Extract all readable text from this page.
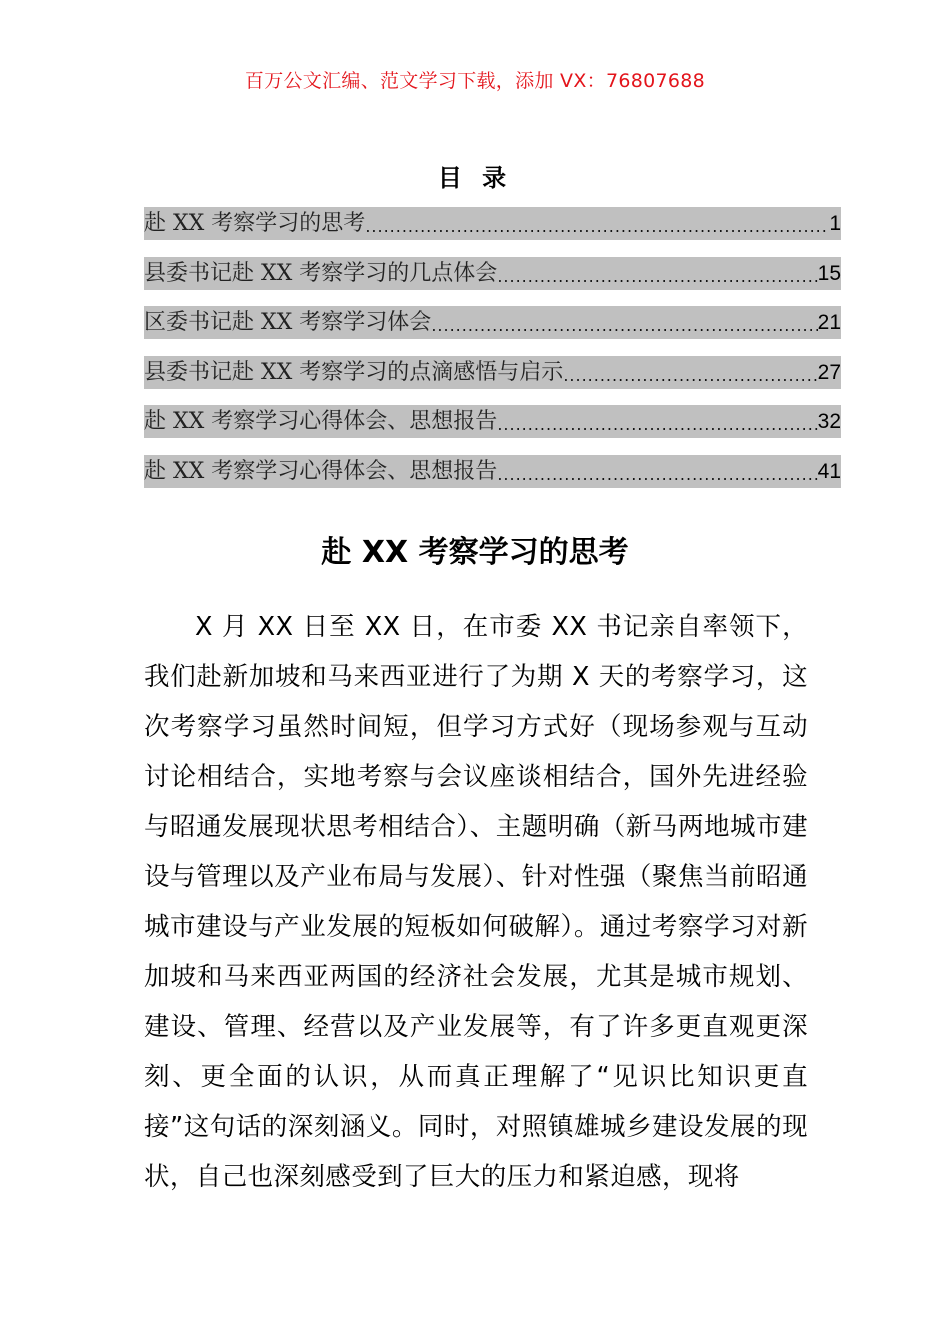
百万公文汇编、范文学习下载，添加 VX：76807688
目 录
赴 XX 考察学习的思考 .....	1
县委书记赴 XX 考察学习的几点体会 .....	15
区委书记赴 XX 考察学习体会 .....	21
县委书记赴 XX 考察学习的点滴感悟与启示 .....	27
赴 XX 考察学习心得体会、思想报告 .....	32
赴 XX 考察学习心得体会、思想报告 .....	41
赴 XX 考察学习的思考

X 月 XX 日至 XX 日，在市委 XX 书记亲自率领下，我们赴新加坡和马来西亚进行了为期 X 天的考察学习，这次考察学习虽然时间短，但学习方式好（现场参观与互动讨论相结合，实地考察与会议座谈相结合，国外先进经验与昭通发展现状思考相结合）、主题明确（新马两地城市建设与管理以及产业布局与发展）、针对性强（聚焦当前昭通城市建设与产业发展的短板如何破解）。通过考察学习对新加坡和马来西亚两国的经济社会发展，尤其是城市规划、建设、管理、经营以及产业发展等，有了许多更直观更深刻、更全面的认识，从而真正理解了“见识比知识更直接”这句话的深刻涵义。同时，对照镇雄城乡建设发展的现状，自己也深刻感受到了巨大的压力和紧迫感，现将
